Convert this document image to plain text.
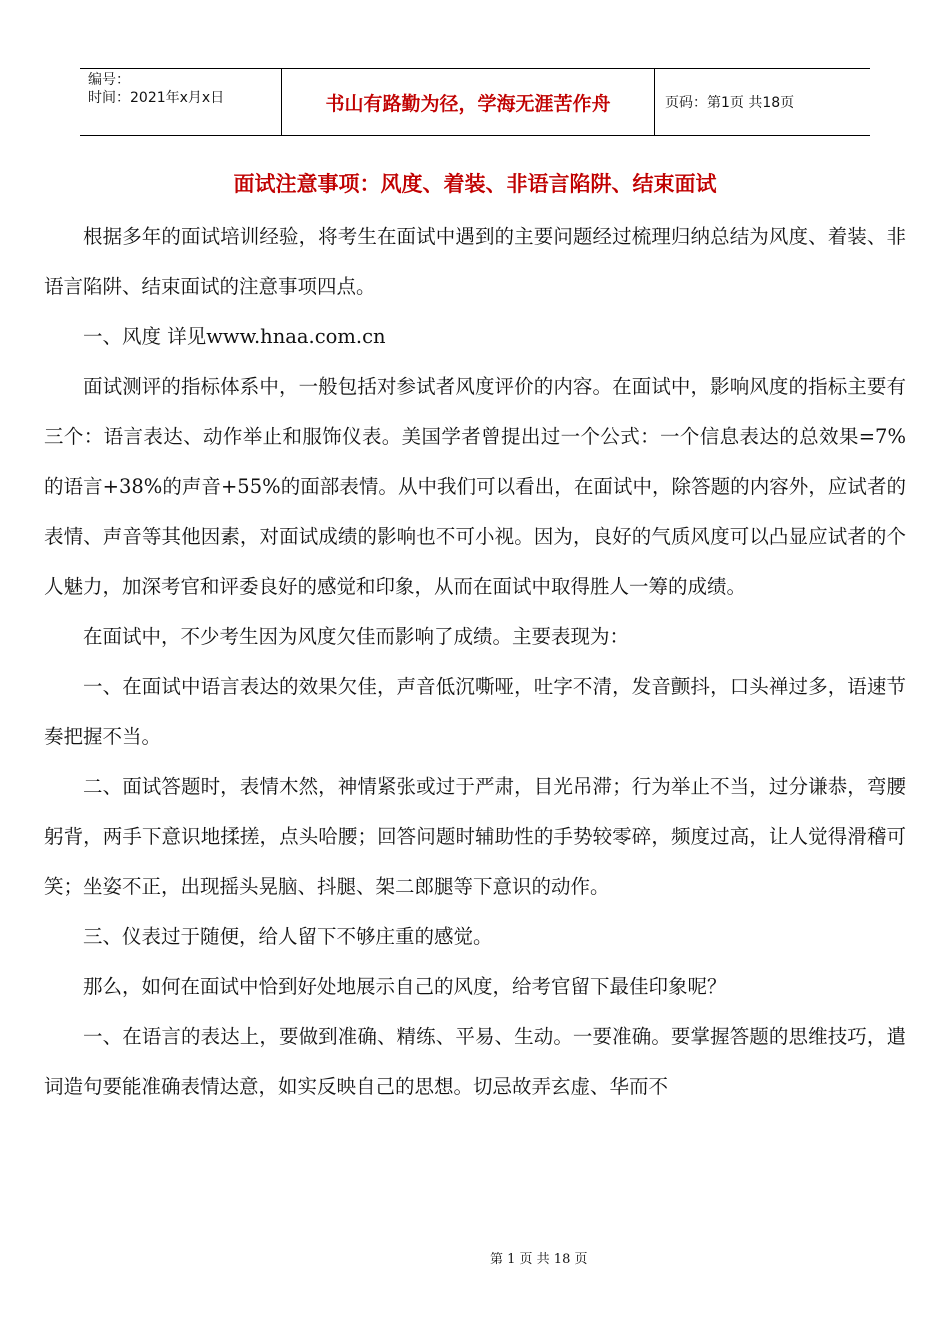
编号：
时间：2021年x月x日	书山有路勤为径，学海无涯苦作舟	页码：第1页 共18页
面试注意事项：风度、着装、非语言陷阱、结束面试

根据多年的面试培训经验，将考生在面试中遇到的主要问题经过梳理归纳总结为风度、着装、非语言陷阱、结束面试的注意事项四点。

一、风度 详见www.hnaa.com.cn

面试测评的指标体系中，一般包括对参试者风度评价的内容。在面试中，影响风度的指标主要有三个：语言表达、动作举止和服饰仪表。美国学者曾提出过一个公式：一个信息表达的总效果=7%的语言+38%的声音+55%的面部表情。从中我们可以看出，在面试中，除答题的内容外，应试者的表情、声音等其他因素，对面试成绩的影响也不可小视。因为，良好的气质风度可以凸显应试者的个人魅力，加深考官和评委良好的感觉和印象，从而在面试中取得胜人一筹的成绩。

在面试中，不少考生因为风度欠佳而影响了成绩。主要表现为：

一、在面试中语言表达的效果欠佳，声音低沉嘶哑，吐字不清，发音颤抖，口头禅过多，语速节奏把握不当。

二、面试答题时，表情木然，神情紧张或过于严肃，目光吊滞；行为举止不当，过分谦恭，弯腰躬背，两手下意识地揉搓，点头哈腰；回答问题时辅助性的手势较零碎，频度过高，让人觉得滑稽可笑；坐姿不正，出现摇头晃脑、抖腿、架二郎腿等下意识的动作。

三、仪表过于随便，给人留下不够庄重的感觉。

那么，如何在面试中恰到好处地展示自己的风度，给考官留下最佳印象呢？

一、在语言的表达上，要做到准确、精练、平易、生动。一要准确。要掌握答题的思维技巧，遣词造句要能准确表情达意，如实反映自己的思想。切忌故弄玄虚、华而不

第 1 页 共 18 页
